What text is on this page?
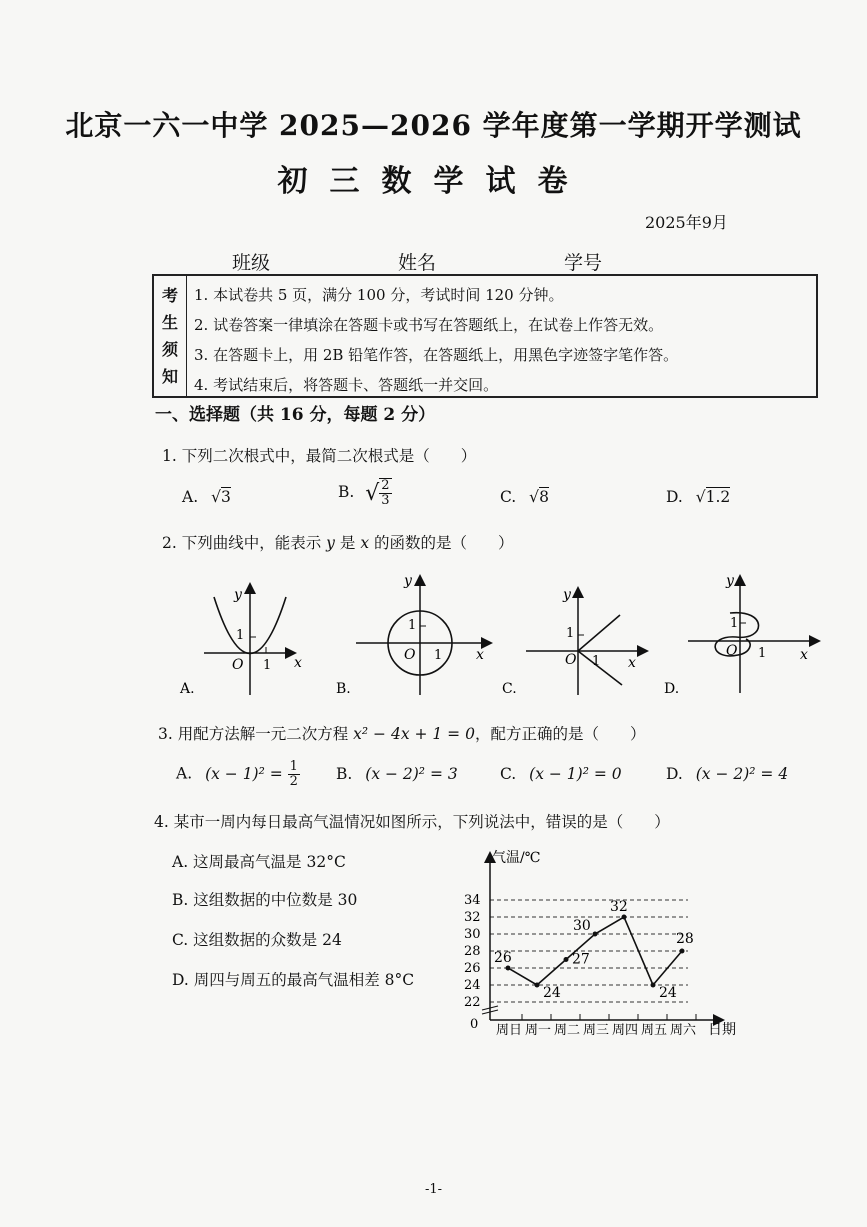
北京一六一中学 2025—2026 学年度第一学期开学测试
初三数学试卷
2025年9月
班级	姓名	学号
考
生
须
知
1. 本试卷共 5 页，满分 100 分，考试时间 120 分钟。
2. 试卷答案一律填涂在答题卡或书写在答题纸上，在试卷上作答无效。
3. 在答题卡上，用 2B 铅笔作答，在答题纸上，用黑色字迹签字笔作答。
4. 考试结束后，将答题卡、答题纸一并交回。
一、选择题（共 16 分，每题 2 分）
1. 下列二次根式中，最简二次根式是（　　）
A. √3	B. √ $\frac{2}{3}$	C. √8	D. √1.2
2. 下列曲线中，能表示 y 是 x 的函数的是（　　）
y
x
O
1
1
A.
y
x
O
1
1
B.
y
x
O
1
1
C.
y
x
O
1
1
D.
3. 用配方法解一元二次方程 x² − 4x + 1 = 0，配方正确的是（　　）
A. $(x - 1)^2 = \frac{1}{2} B$. (x − 2)² = 3	C. (x − 1)² = 0	D. (x − 2)² = 4
4. 某市一周内每日最高气温情况如图所示，下列说法中，错误的是（　　）
A. 这周最高气温是 32°C
B. 这组数据的中位数是 30
C. 这组数据的众数是 24
D. 周四与周五的最高气温相差 8°C
气温/℃
0	日期
22
24
26
28
30
32
34
周日 周一 周二 周三 周四 周五 周六
26
24
27
30
32
24
28
-1-
